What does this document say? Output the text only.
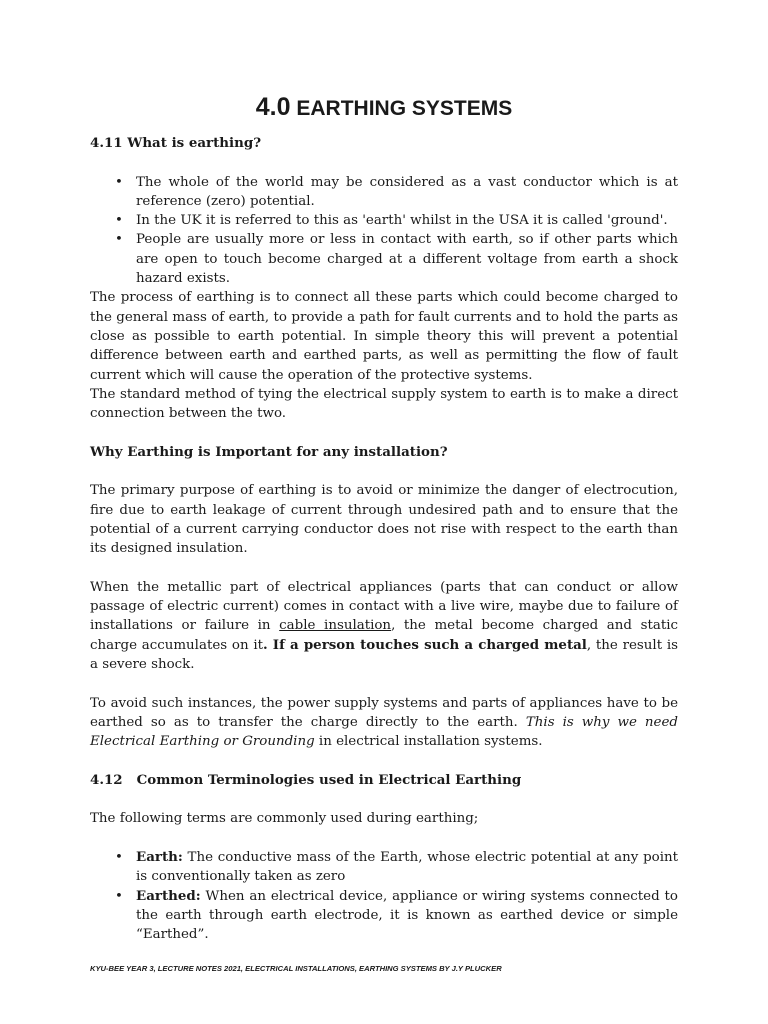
4.0 EARTHING SYSTEMS

4.11 What is earthing?

• The whole of the world may be considered as a vast conductor which is at reference (zero) potential.
• In the UK it is referred to this as 'earth' whilst in the USA it is called 'ground'.
• People are usually more or less in contact with earth, so if other parts which are open to touch become charged at a different voltage from earth a shock hazard exists.

The process of earthing is to connect all these parts which could become charged to the general mass of earth, to provide a path for fault currents and to hold the parts as close as possible to earth potential. In simple theory this will prevent a potential difference between earth and earthed parts, as well as permitting the flow of fault current which will cause the operation of the protective systems.

The standard method of tying the electrical supply system to earth is to make a direct connection between the two.

Why Earthing is Important for any installation?

The primary purpose of earthing is to avoid or minimize the danger of electrocution, fire due to earth leakage of current through undesired path and to ensure that the potential of a current carrying conductor does not rise with respect to the earth than its designed insulation.

When the metallic part of electrical appliances (parts that can conduct or allow passage of electric current) comes in contact with a live wire, maybe due to failure of installations or failure in cable insulation, the metal become charged and static charge accumulates on it. If a person touches such a charged metal, the result is a severe shock.

To avoid such instances, the power supply systems and parts of appliances have to be earthed so as to transfer the charge directly to the earth. This is why we need Electrical Earthing or Grounding in electrical installation systems.

4.12   Common Terminologies used in Electrical Earthing

The following terms are commonly used during earthing;

• Earth: The conductive mass of the Earth, whose electric potential at any point is conventionally taken as zero
• Earthed: When an electrical device, appliance or wiring systems connected to the earth through earth electrode, it is known as earthed device or simple “Earthed”.
KYU-BEE YEAR 3, LECTURE NOTES 2021, ELECTRICAL INSTALLATIONS, EARTHING SYSTEMS BY J.Y PLUCKER
